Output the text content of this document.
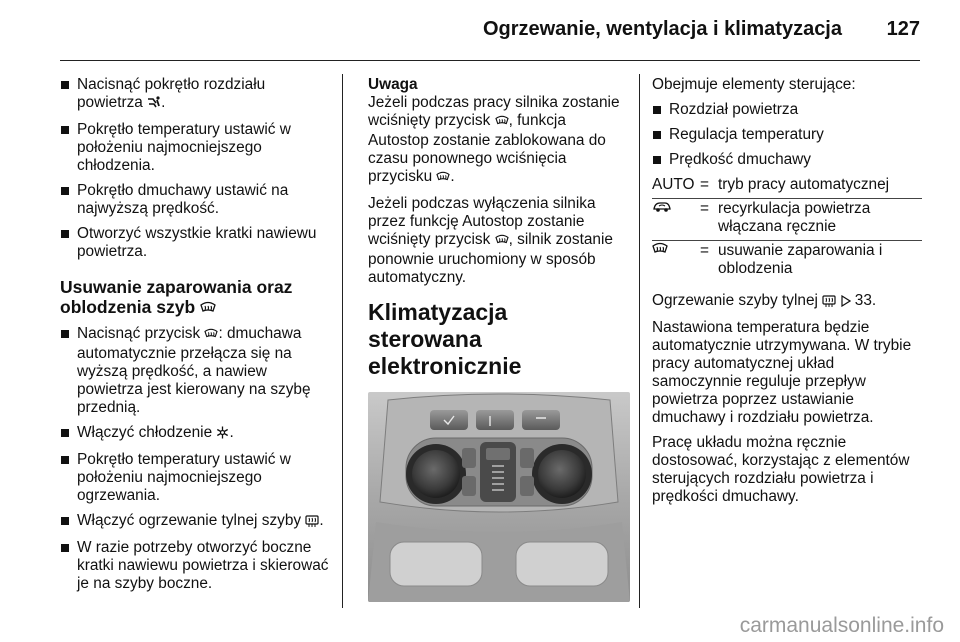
Ogrzewanie, wentylacja i klimatyzacja 127
Nacisnąć pokrętło rozdziału powietrza .
Pokrętło temperatury ustawić w położeniu najmocniejszego chłodzenia.
Pokrętło dmuchawy ustawić na najwyższą prędkość.
Otworzyć wszystkie kratki nawiewu powietrza.
Usuwanie zaparowania oraz oblodzenia szyb
Nacisnąć przycisk : dmuchawa automatycznie przełącza się na wyższą prędkość, a nawiew powietrza jest kierowany na szybę przednią.
Włączyć chłodzenie .
Pokrętło temperatury ustawić w położeniu najmocniejszego ogrzewania.
Włączyć ogrzewanie tylnej szyby .
W razie potrzeby otworzyć boczne kratki nawiewu powietrza i skierować je na szyby boczne.
Uwaga

Jeżeli podczas pracy silnika zostanie wciśnięty przycisk , funkcja Autostop zostanie zablokowana do czasu ponownego wciśnięcia przycisku .

Jeżeli podczas wyłączenia silnika przez funkcję Autostop zostanie wciśnięty przycisk , silnik zostanie ponownie uruchomiony w sposób automatyczny.

Klimatyzacja sterowana elektronicznie

Obejmuje elementy sterujące:

Rozdział powietrza
Regulacja temperatury
Prędkość dmuchawy
AUTO	=	tryb pracy automatycznej
	=	recyrkulacja powietrza włączana ręcznie
	=	usuwanie zaparowania i oblodzenia

Ogrzewanie szyby tylnej 33.

Nastawiona temperatura będzie automatycznie utrzymywana. W trybie pracy automatycznej układ samoczynnie reguluje przepływ powietrza poprzez ustawianie dmuchawy i rozdziału powietrza.

Pracę układu można ręcznie dostosować, korzystając z elementów sterujących rozdziału powietrza i prędkości dmuchawy.

carmanualsonline.info
